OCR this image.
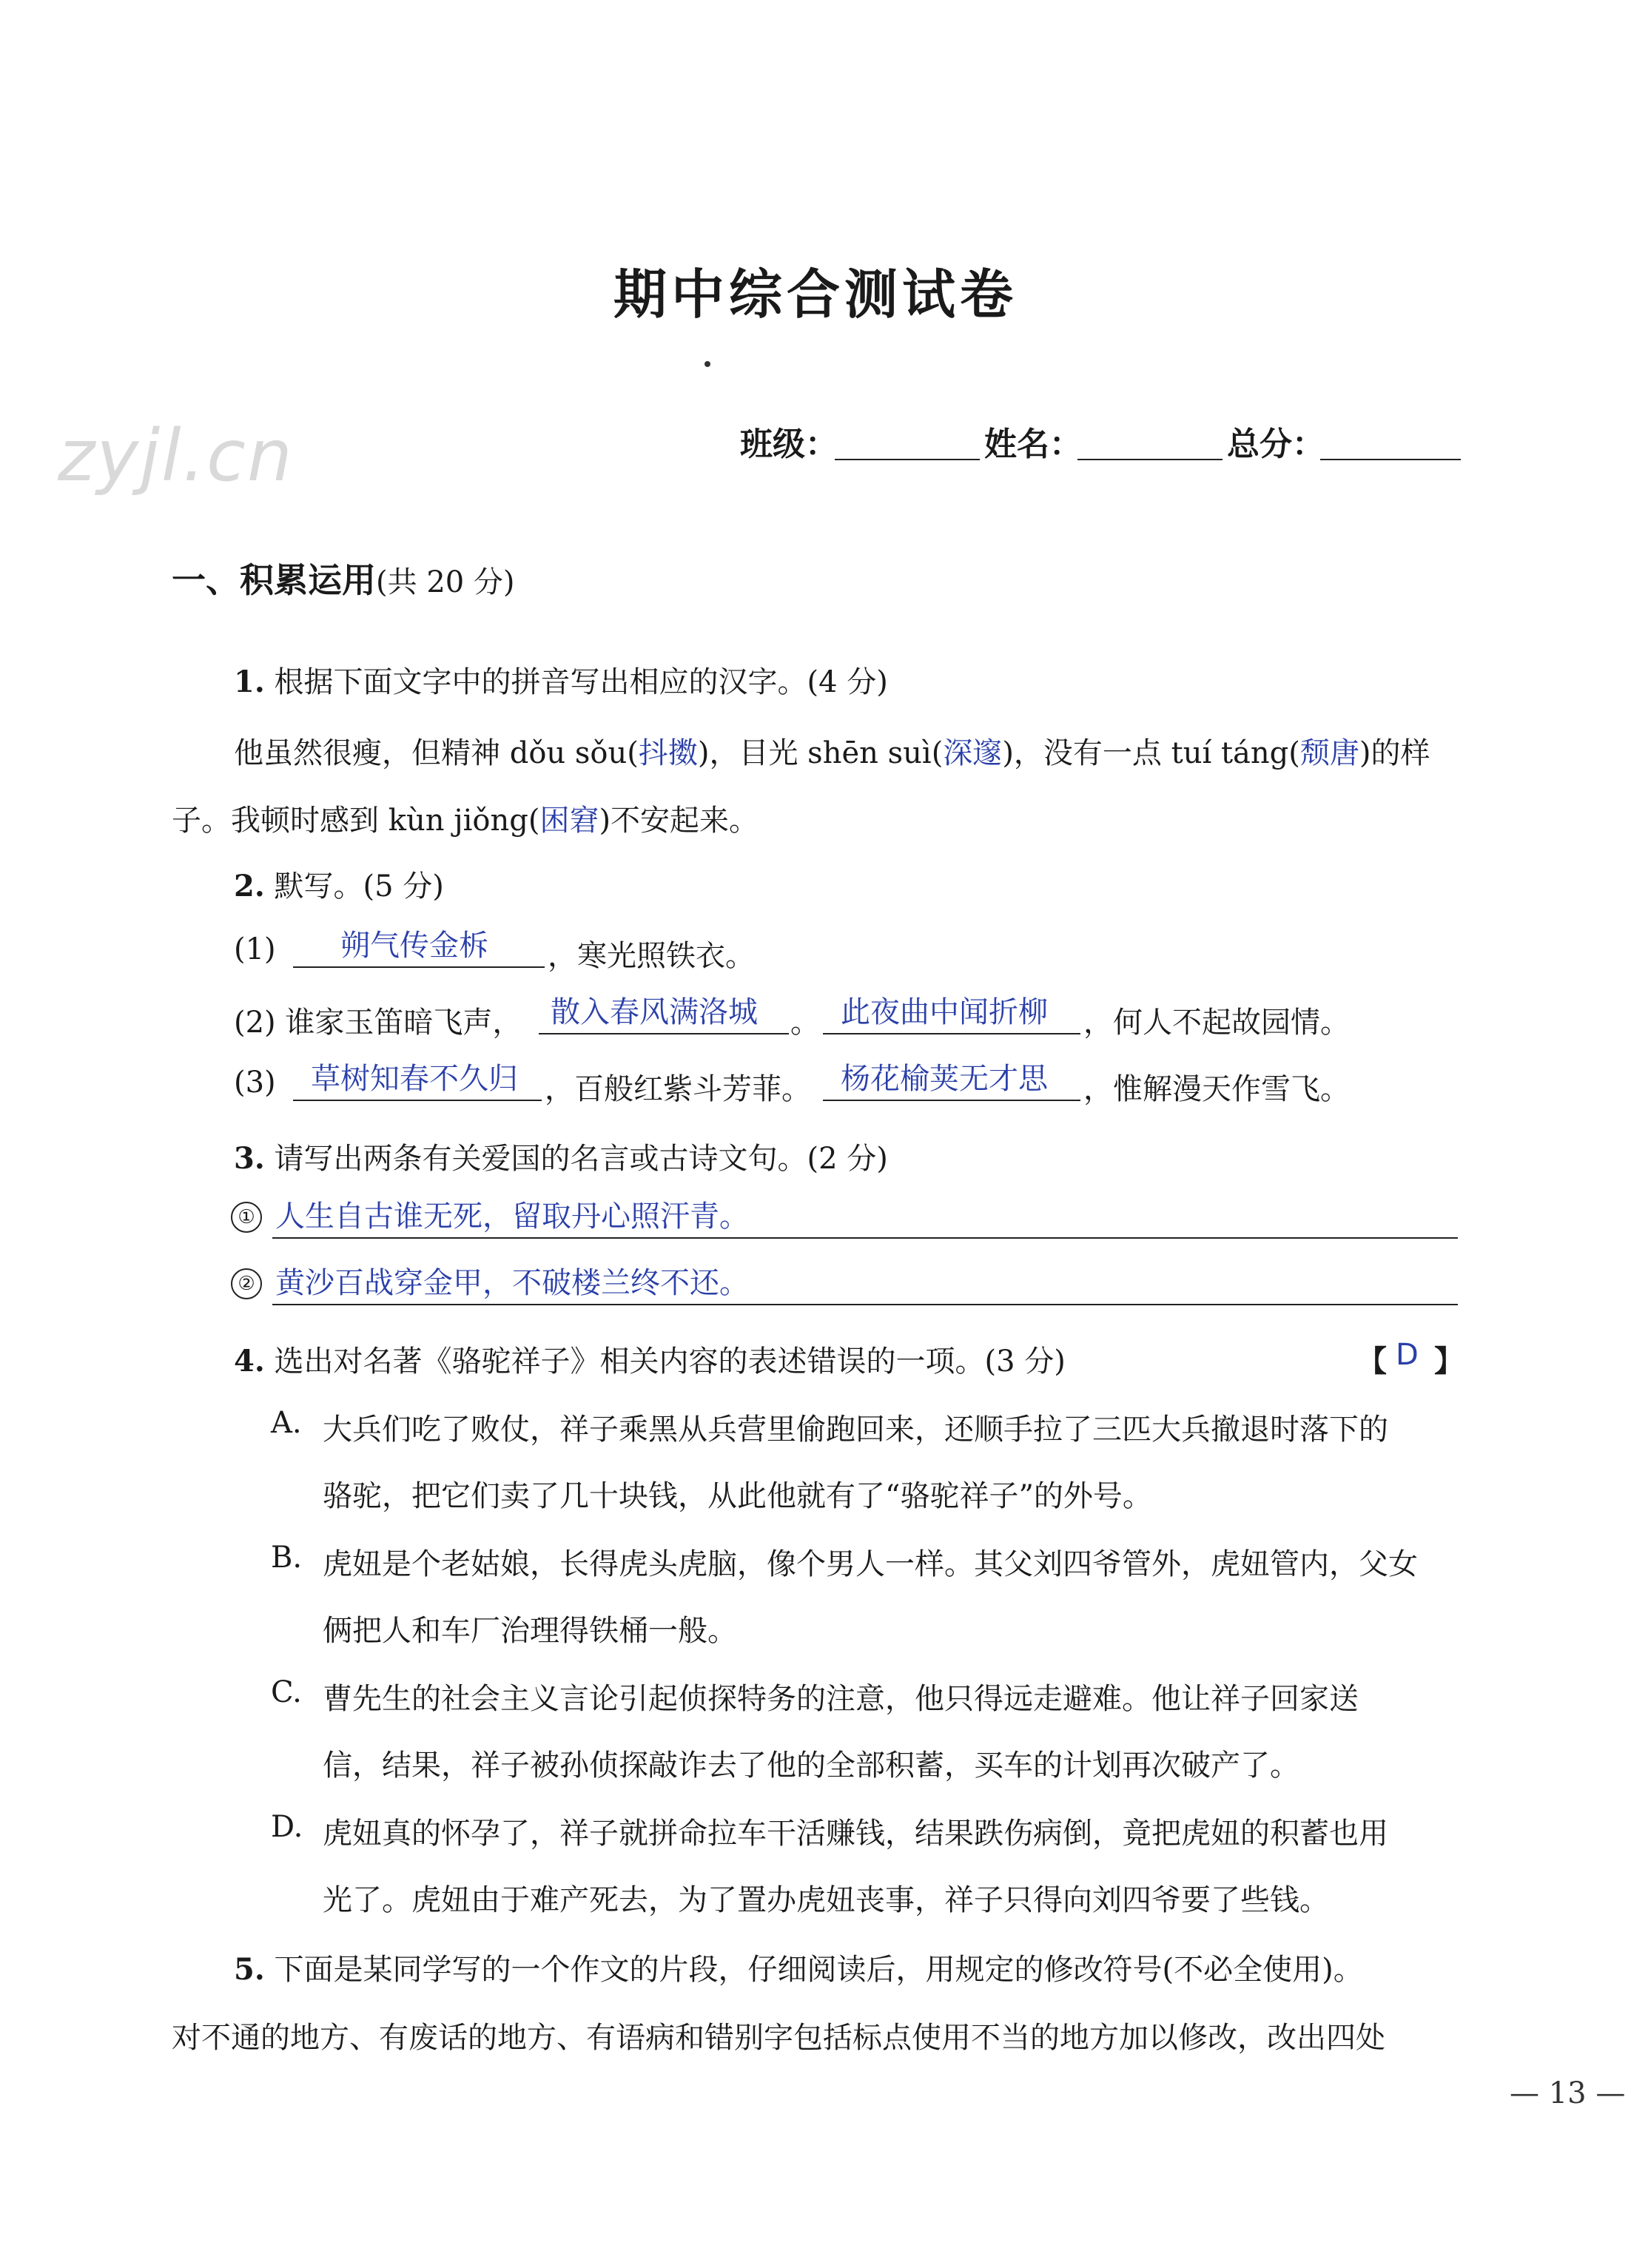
期中综合测试卷
zyjl.cn	班级：	姓名：	总分：
一、积累运用(共 20 分)
1. 根据下面文字中的拼音写出相应的汉字。(4 分)
他虽然很瘦，但精神 dǒu sǒu(抖擞)，目光 shēn suì(深邃)，没有一点 tuí táng(颓唐)的样
子。我顿时感到 kùn jiǒng(困窘)不安起来。
2. 默写。(5 分)
(1) 朔气传金柝 ，寒光照铁衣。
(2) 谁家玉笛暗飞声， 散入春风满洛城 。 此夜曲中闻折柳 ，何人不起故园情。
(3) 草树知春不久归 ，百般红紫斗芳菲。 杨花榆荚无才思 ，惟解漫天作雪飞。
3. 请写出两条有关爱国的名言或古诗文句。(2 分)
① 人生自古谁无死，留取丹心照汗青。
② 黄沙百战穿金甲，不破楼兰终不还。
4. 选出对名著《骆驼祥子》相关内容的表述错误的一项。(3 分)	【 D 】
A. 大兵们吃了败仗，祥子乘黑从兵营里偷跑回来，还顺手拉了三匹大兵撤退时落下的
骆驼，把它们卖了几十块钱，从此他就有了“骆驼祥子”的外号。
B. 虎妞是个老姑娘，长得虎头虎脑，像个男人一样。其父刘四爷管外，虎妞管内，父女
俩把人和车厂治理得铁桶一般。
C. 曹先生的社会主义言论引起侦探特务的注意，他只得远走避难。他让祥子回家送
信，结果，祥子被孙侦探敲诈去了他的全部积蓄，买车的计划再次破产了。
D. 虎妞真的怀孕了，祥子就拼命拉车干活赚钱，结果跌伤病倒，竟把虎妞的积蓄也用
光了。虎妞由于难产死去，为了置办虎妞丧事，祥子只得向刘四爷要了些钱。
5. 下面是某同学写的一个作文的片段，仔细阅读后，用规定的修改符号(不必全使用)。
对不通的地方、有废话的地方、有语病和错别字包括标点使用不当的地方加以修改，改出四处
— 13 —
